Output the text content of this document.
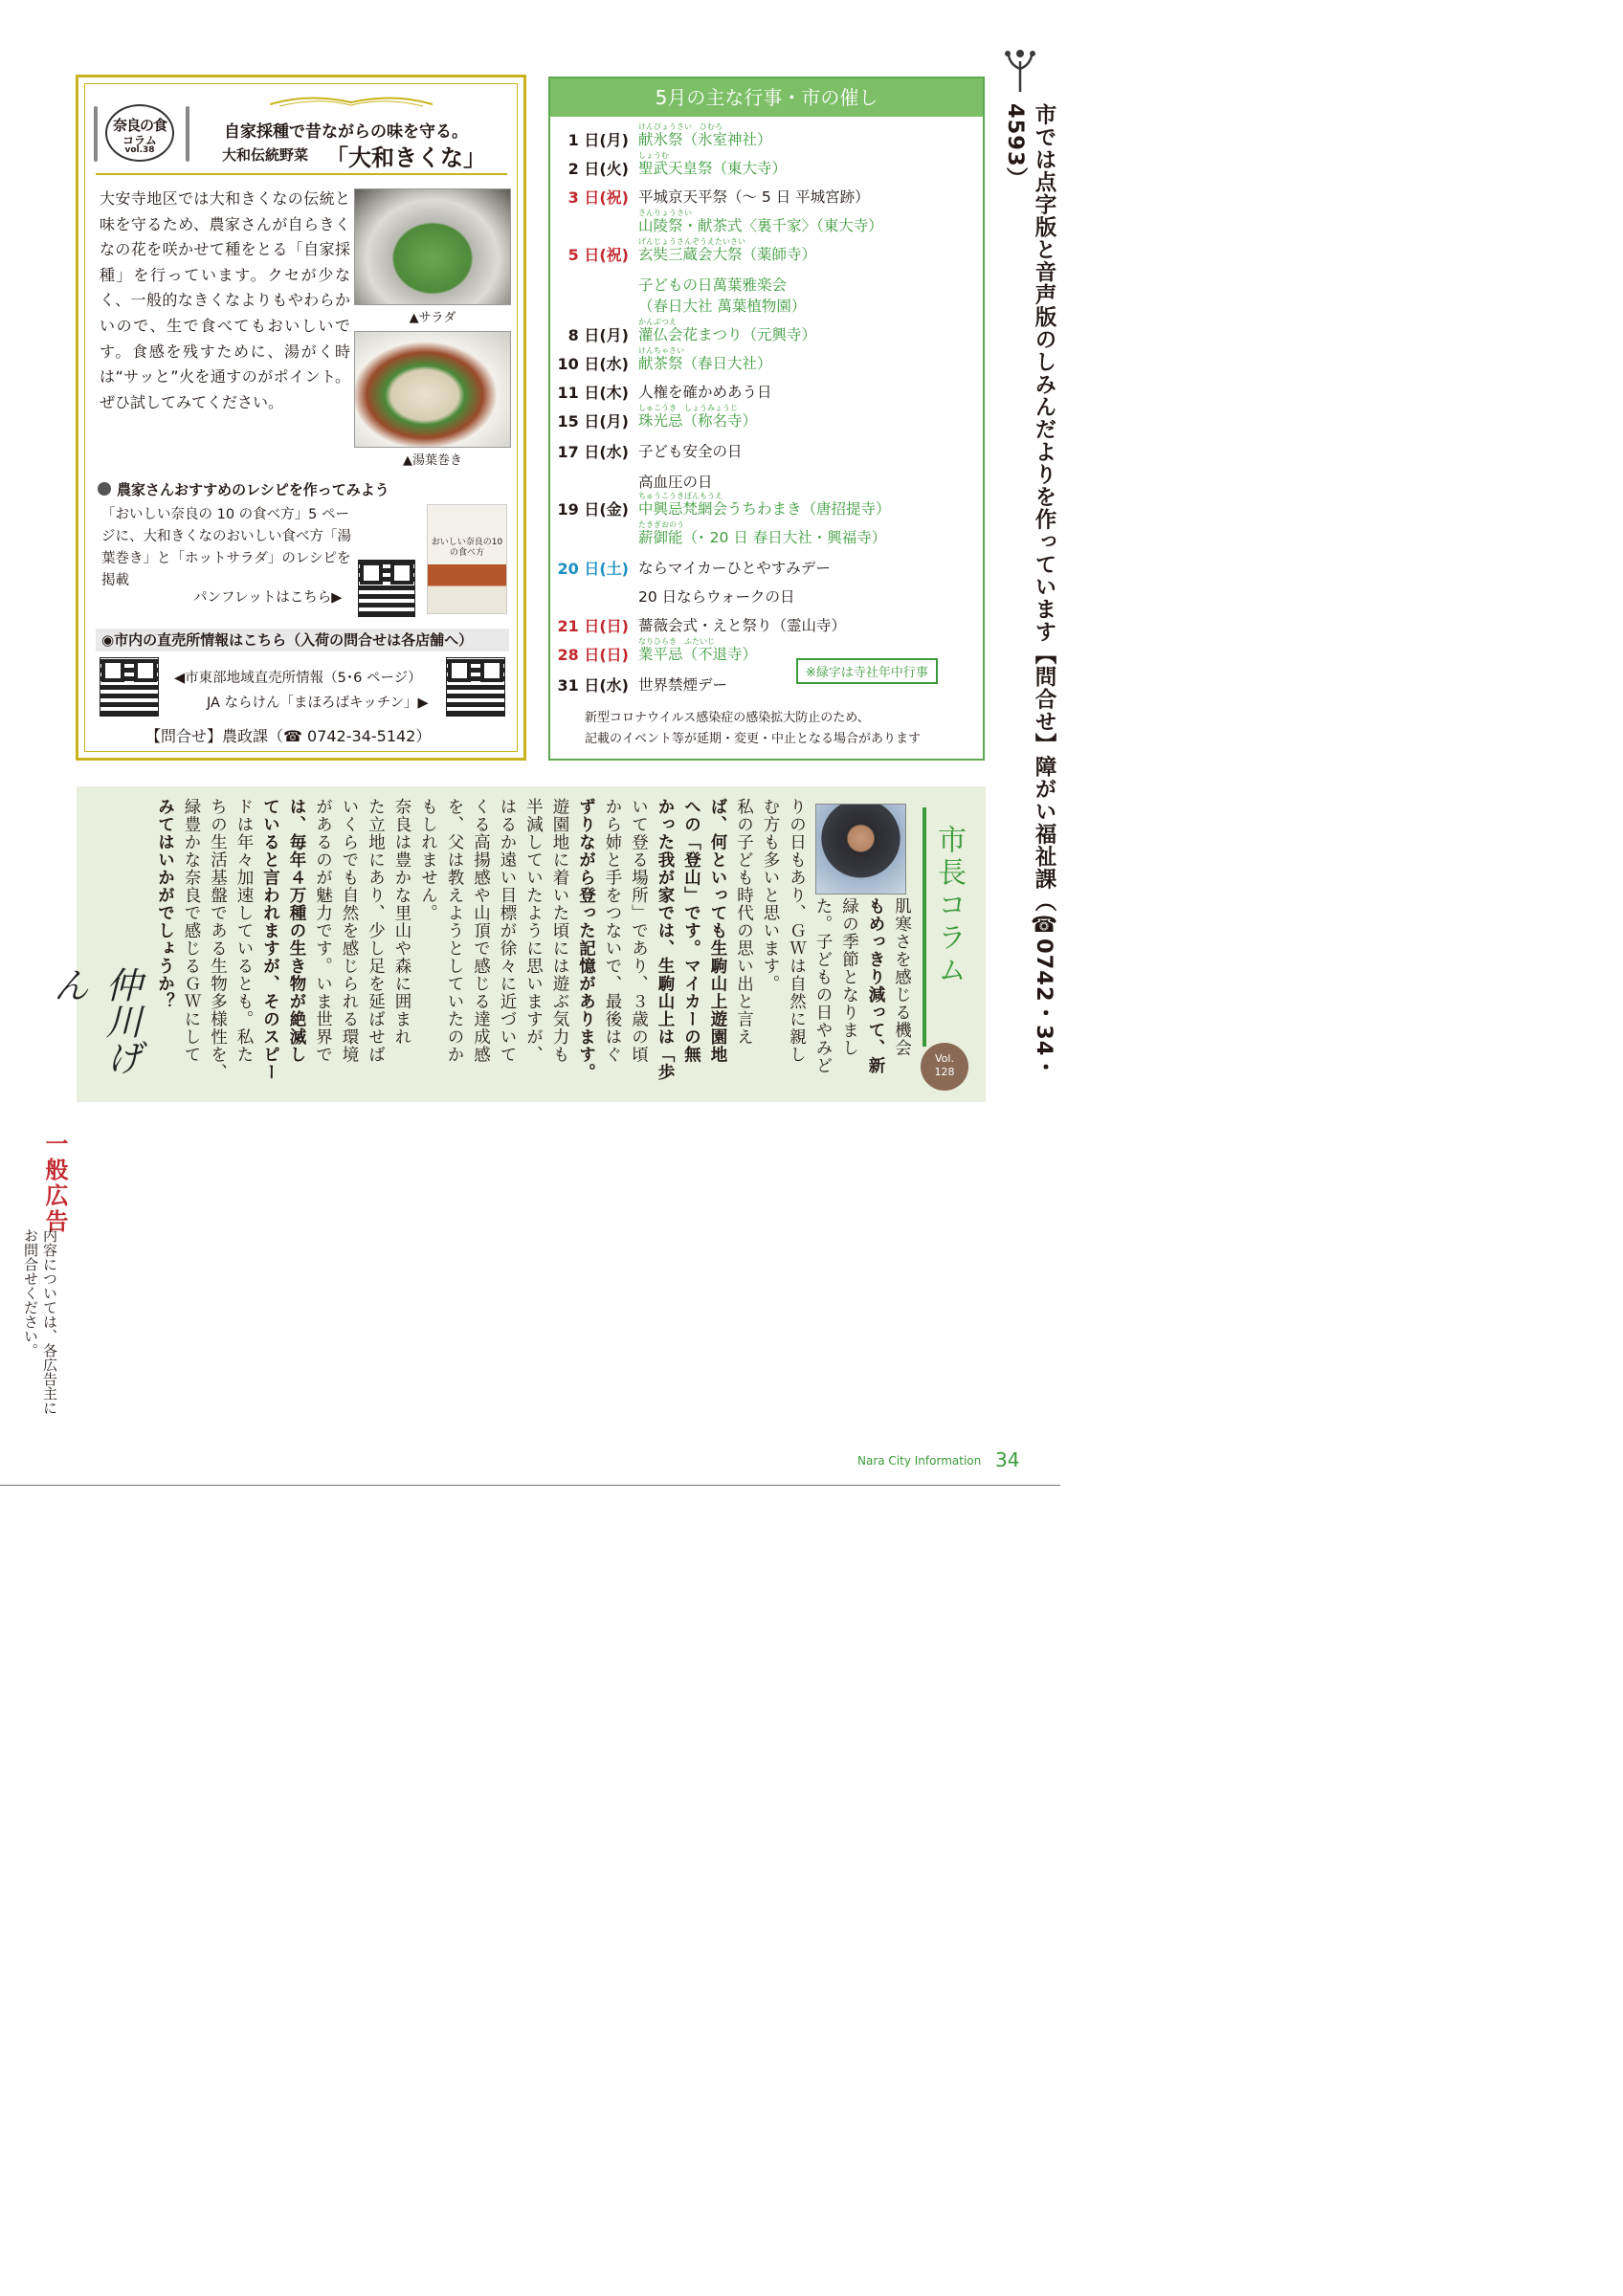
奈良の食
コラム
vol.38
自家採種で昔ながらの味を守る。
大和伝統野菜 「大和きくな」

大安寺地区では大和きくなの伝統と味を守るため、農家さんが自らきくなの花を咲かせて種をとる「自家採種」を行っています。クセが少なく、一般的なきくなよりもやわらかいので、生で食べてもおいしいです。食感を残すために、湯がく時は“サッと”火を通すのがポイント。ぜひ試してみてください。

▲サラダ
▲湯葉巻き
農家さんおすすめのレシピを作ってみよう

「おいしい奈良の 10 の食べ方」5 ページに、大和きくなのおいしい食べ方「湯葉巻き」と「ホットサラダ」のレシピを掲載

パンフレットはこちら▶
おいしい奈良の10の食べ方
◉市内の直売所情報はこちら（入荷の問合せは各店舗へ）
◀市東部地域直売所情報（5･6 ページ）
JA ならけん「まほろばキッチン」▶
【問合せ】農政課（☎ 0742-34-5142）
5月の主な行事・市の催し
けんぴょうさい　ひむろ
1 日(月) 献氷祭（氷室神社）
しょうむ
2 日(火) 聖武天皇祭（東大寺）
3 日(祝) 平城京天平祭（～ 5 日 平城宮跡）
さんりょうさい
山陵祭・献茶式〈裏千家〉（東大寺）
げんじょうさんぞうえたいさい
5 日(祝) 玄奘三蔵会大祭（薬師寺）
子どもの日萬葉雅楽会
（春日大社 萬葉植物園）
かんぶつえ
8 日(月) 灌仏会花まつり（元興寺）
けんちゃさい
10 日(水) 献茶祭（春日大社）
11 日(木) 人権を確かめあう日
しゅこうき　しょうみょうじ
15 日(月) 珠光忌（称名寺）
17 日(水) 子ども安全の日
高血圧の日
ちゅうこうきぼんもうえ
19 日(金) 中興忌梵網会うちわまき（唐招提寺）
たきぎおのう
薪御能（･ 20 日 春日大社・興福寺）
20 日(土) ならマイカーひとやすみデー
20 日ならウォークの日
21 日(日) 薔薇会式・えと祭り（霊山寺）
なりひらき　ふたいじ
28 日(日) 業平忌（不退寺）
31 日(水) 世界禁煙デー
※緑字は寺社年中行事
新型コロナウイルス感染症の感染拡大防止のため、
記載のイベント等が延期・変更・中止となる場合があります
肌寒さを感じる機会
もめっきり減って、新
緑の季節となりまし
た。子どもの日やみど
りの日もあり、ＧＷは自然に親し
む方も多いと思います。
私の子ども時代の思い出と言え
ば、何といっても生駒山上遊園地
への「登山」です。マイカーの無
かった我が家では、生駒山上は「歩
いて登る場所」であり、３歳の頃
から姉と手をつないで、最後はぐ
ずりながら登った記憶があります。
遊園地に着いた頃には遊ぶ気力も
半減していたように思いますが、
はるか遠い目標が徐々に近づいて
くる高揚感や山頂で感じる達成感
を、父は教えようとしていたのか
もしれません。
奈良は豊かな里山や森に囲まれ
た立地にあり、少し足を延ばせば
いくらでも自然を感じられる環境
があるのが魅力です。いま世界で
は、毎年４万種の生き物が絶滅し
ていると言われますが、そのスピー
ドは年々加速しているとも。私た
ちの生活基盤である生物多様性を、
緑豊かな奈良で感じるＧＷにして
みてはいかがでしょうか？	市長コラム
Vol.
128
仲川げん	市では点字版と音声版のしみんだよりを作っています【問合せ】障がい福祉課（☎0742・34・4593）
一般広告
内容については、各広告主にお問合せください。
Nara City Information 34
